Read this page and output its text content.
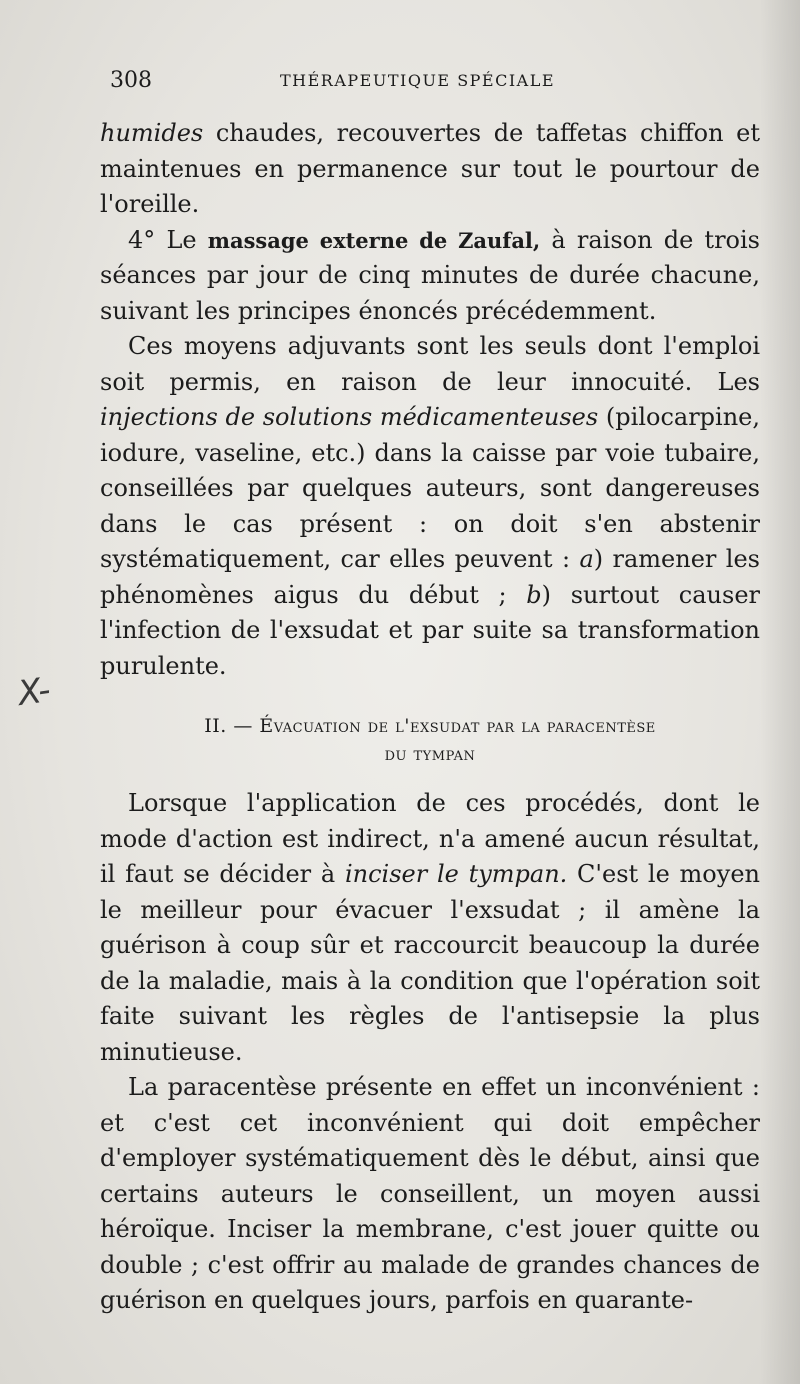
308	THÉRAPEUTIQUE SPÉCIALE
X-

humides chaudes, recouvertes de taffetas chiffon et maintenues en permanence sur tout le pourtour de l'oreille.

4° Le massage externe de Zaufal, à raison de trois séances par jour de cinq minutes de durée chacune, suivant les principes énoncés précédemment.

Ces moyens adjuvants sont les seuls dont l'emploi soit permis, en raison de leur innocuité. Les injections de solutions médicamenteuses (pilocarpine, iodure, vaseline, etc.) dans la caisse par voie tubaire, conseillées par quelques auteurs, sont dangereuses dans le cas présent : on doit s'en abstenir systématiquement, car elles peuvent : a) ramener les phénomènes aigus du début ; b) surtout causer l'infection de l'exsudat et par suite sa transformation purulente.

II. — Évacuation de l'exsudat par la paracentèse
du tympan

Lorsque l'application de ces procédés, dont le mode d'action est indirect, n'a amené aucun résultat, il faut se décider à inciser le tympan. C'est le moyen le meilleur pour évacuer l'exsudat ; il amène la guérison à coup sûr et raccourcit beaucoup la durée de la maladie, mais à la condition que l'opération soit faite suivant les règles de l'antisepsie la plus minutieuse.

La paracentèse présente en effet un inconvénient : et c'est cet inconvénient qui doit empêcher d'employer systématiquement dès le début, ainsi que certains auteurs le conseillent, un moyen aussi héroïque. Inciser la membrane, c'est jouer quitte ou double ; c'est offrir au malade de grandes chances de guérison en quelques jours, parfois en quarante-
